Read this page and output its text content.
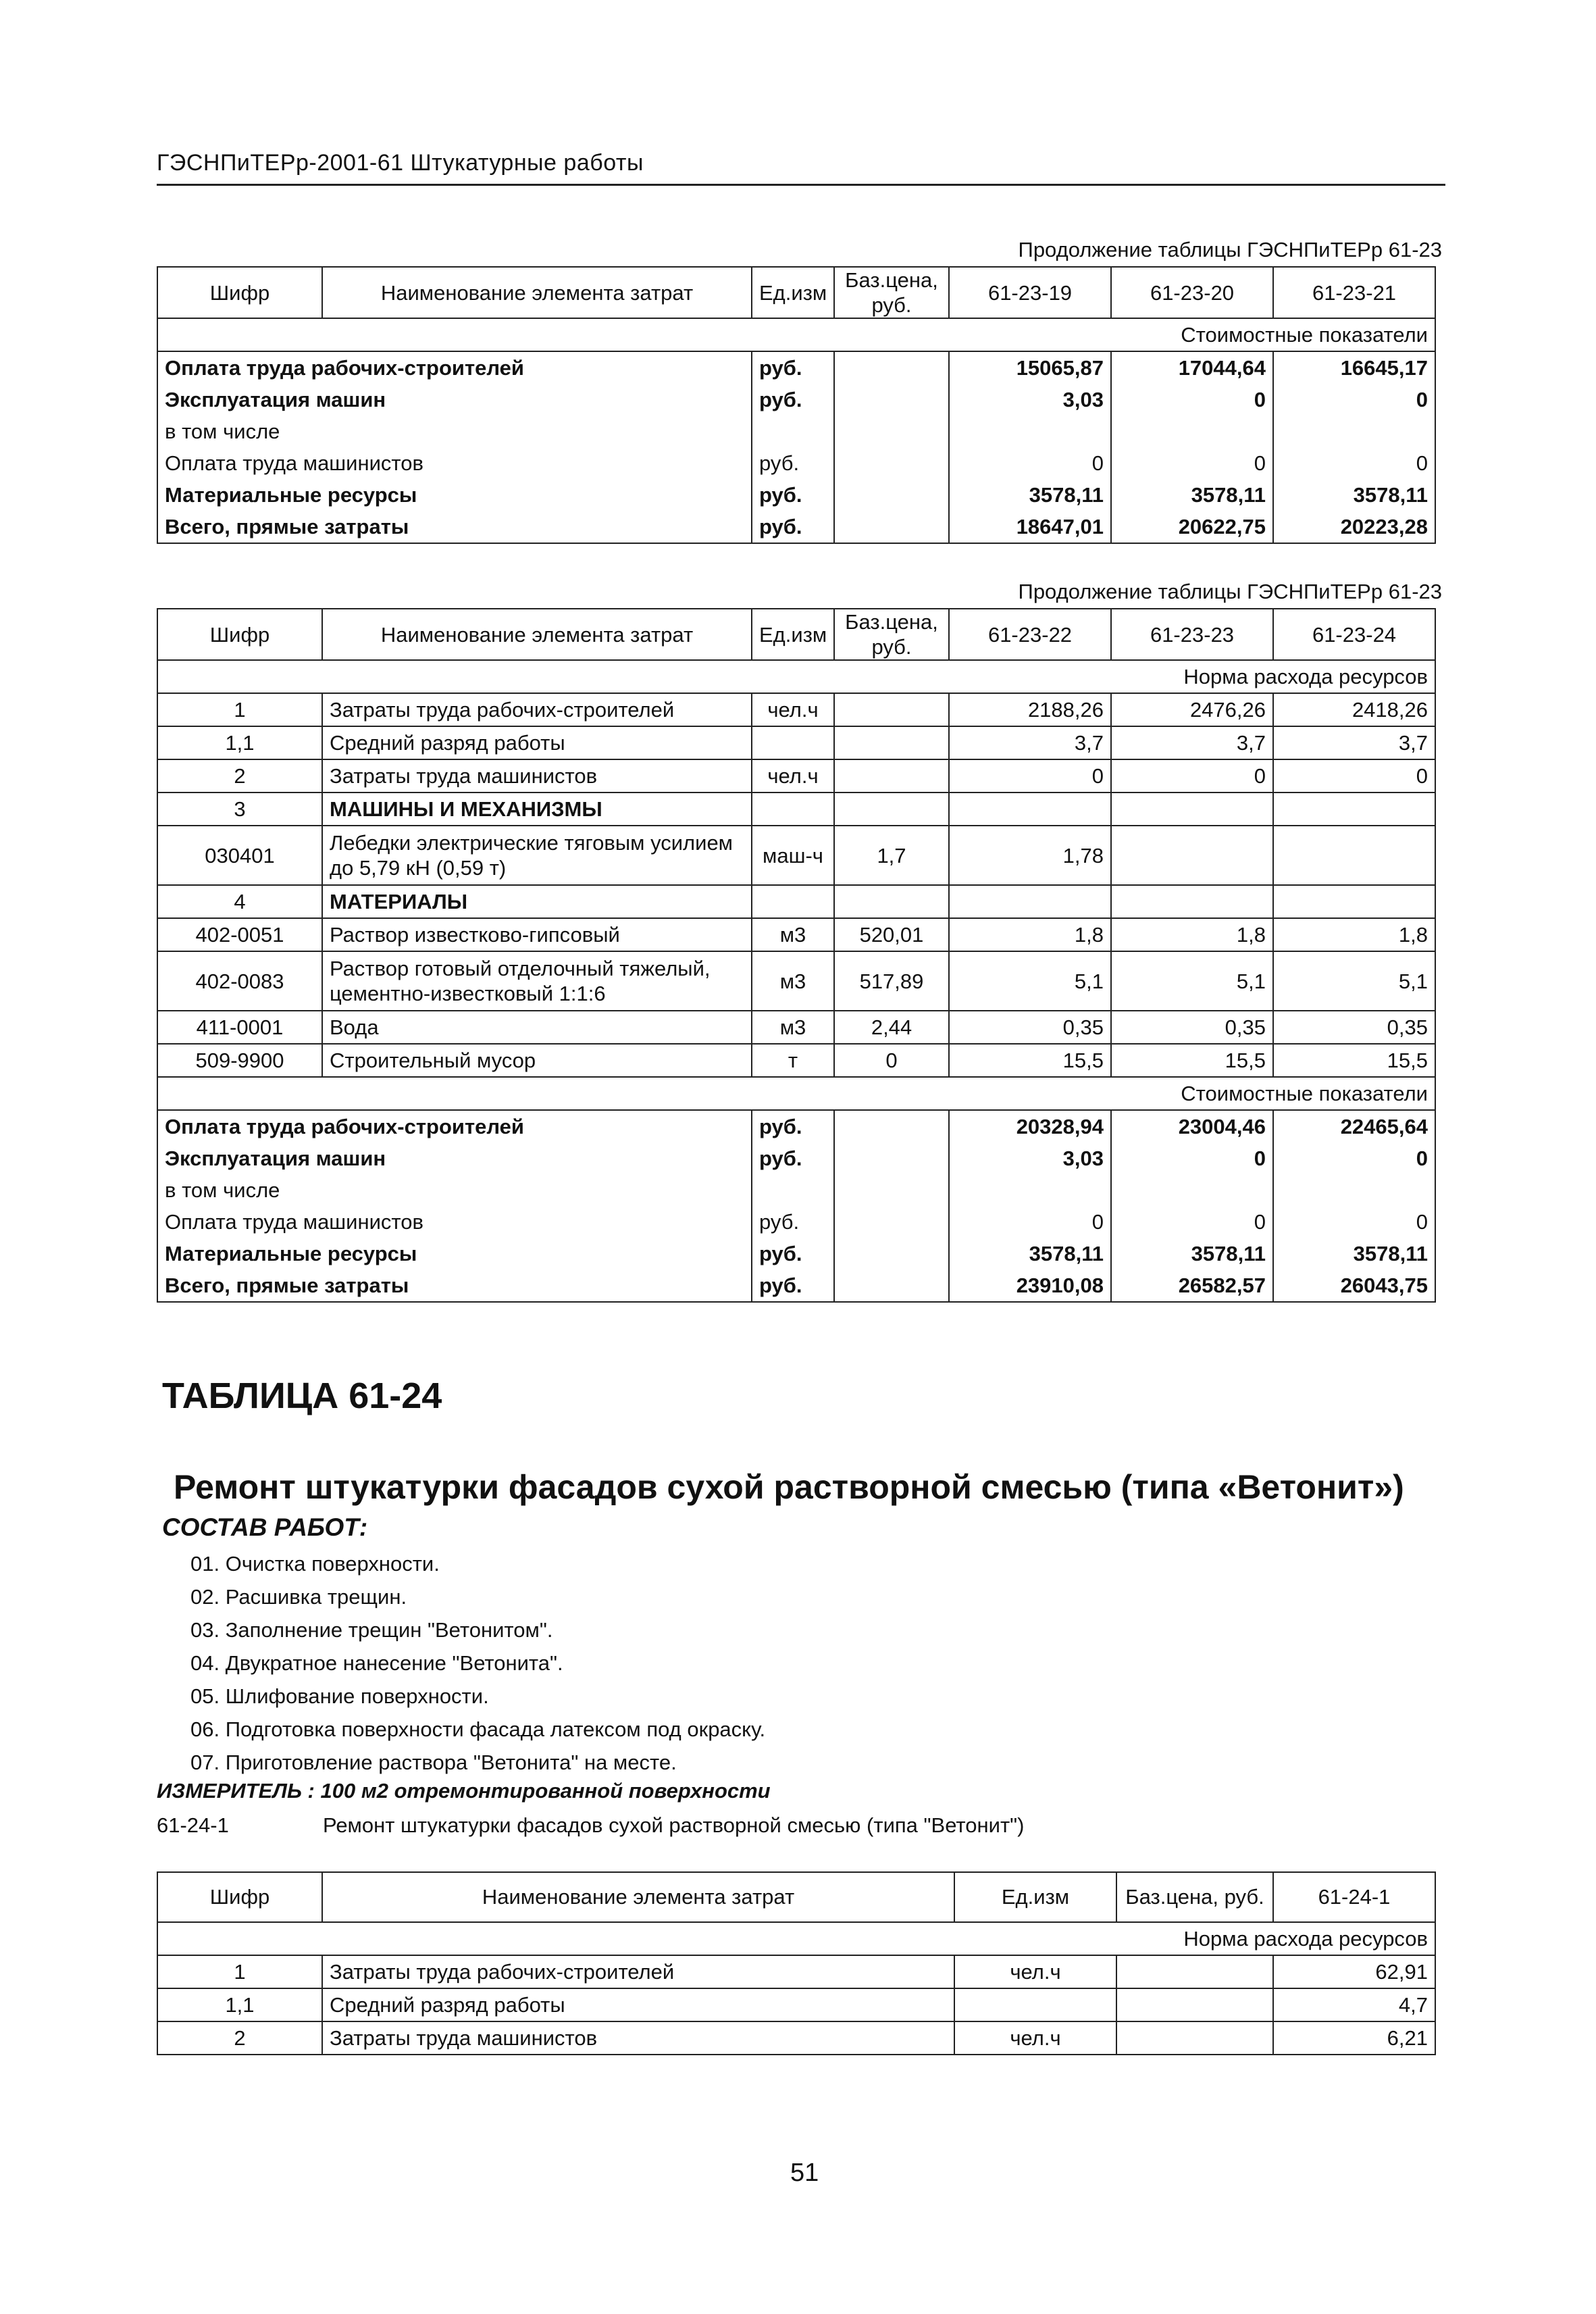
ГЭСНПиТЕРр-2001-61 Штукатурные работы
Продолжение таблицы ГЭСНПиТЕРр 61-23
Шифр	Наименование элемента затрат	Ед.изм	Баз.цена, руб.	61-23-19	61-23-20	61-23-21
Стоимостные показатели						
Оплата труда рабочих-строителей		руб.		15065,87	17044,64	16645,17
Эксплуатация машин		руб.		3,03	0	0
в том числе						
Оплата труда машинистов		руб.		0	0	0
Материальные ресурсы		руб.		3578,11	3578,11	3578,11
Всего, прямые затраты		руб.		18647,01	20622,75	20223,28
Продолжение таблицы ГЭСНПиТЕРр 61-23
Шифр	Наименование элемента затрат	Ед.изм	Баз.цена, руб.	61-23-22	61-23-23	61-23-24
Норма расхода ресурсов						
1	Затраты труда рабочих-строителей	чел.ч		2188,26	2476,26	2418,26
1,1	Средний разряд работы			3,7	3,7	3,7
2	Затраты труда машинистов	чел.ч		0	0	0
3	МАШИНЫ И МЕХАНИЗМЫ					
030401	Лебедки электрические тяговым усилием до 5,79 кН (0,59 т)	маш-ч	1,7	1,78		
4	МАТЕРИАЛЫ					
402-0051	Раствор известково-гипсовый	м3	520,01	1,8	1,8	1,8
402-0083	Раствор готовый отделочный тяжелый, цементно-известковый 1:1:6	м3	517,89	5,1	5,1	5,1
411-0001	Вода	м3	2,44	0,35	0,35	0,35
509-9900	Строительный мусор	т	0	15,5	15,5	15,5
Стоимостные показатели						
Оплата труда рабочих-строителей		руб.		20328,94	23004,46	22465,64
Эксплуатация машин		руб.		3,03	0	0
в том числе						
Оплата труда машинистов		руб.		0	0	0
Материальные ресурсы		руб.		3578,11	3578,11	3578,11
Всего, прямые затраты		руб.		23910,08	26582,57	26043,75
ТАБЛИЦА 61-24
Ремонт штукатурки фасадов сухой растворной смесью (типа «Ветонит»)
СОСТАВ РАБОТ:
01. Очистка поверхности.
02. Расшивка трещин.
03. Заполнение трещин "Ветонитом".
04. Двукратное нанесение "Ветонита".
05. Шлифование поверхности.
06. Подготовка поверхности фасада латексом под окраску.
07. Приготовление раствора "Ветонита" на месте.
ИЗМЕРИТЕЛЬ : 100 м2 отремонтированной поверхности
61-24-1	Ремонт штукатурки фасадов сухой растворной смесью (типа "Ветонит")
Шифр	Наименование элемента затрат	Ед.изм	Баз.цена, руб.	61-24-1
Норма расхода ресурсов				
1	Затраты труда рабочих-строителей	чел.ч		62,91
1,1	Средний разряд работы			4,7
2	Затраты труда машинистов	чел.ч		6,21
51
